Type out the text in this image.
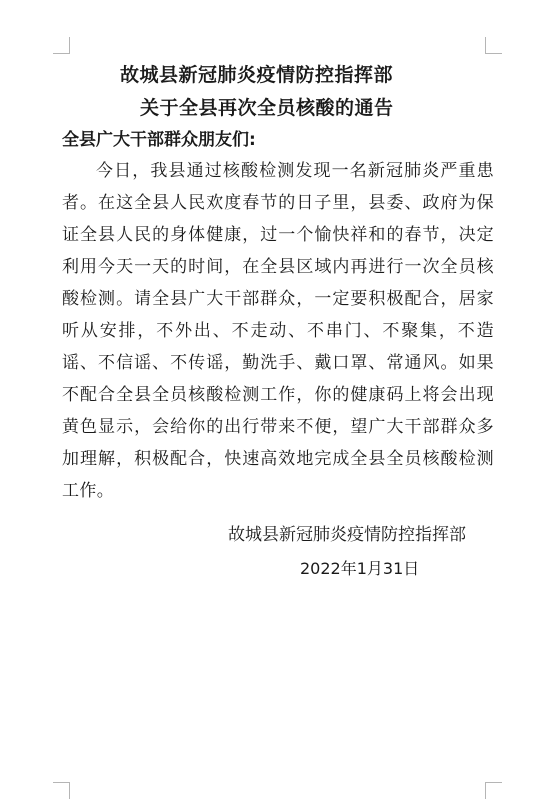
故城县新冠肺炎疫情防控指挥部
关于全县再次全员核酸的通告
全县广大干部群众朋友们:

今日，我县通过核酸检测发现一名新冠肺炎严重患者。在这全县人民欢度春节的日子里，县委、政府为保证全县人民的身体健康，过一个愉快祥和的春节，决定利用今天一天的时间，在全县区域内再进行一次全员核酸检测。请全县广大干部群众，一定要积极配合，居家听从安排，不外出、不走动、不串门、不聚集，不造谣、不信谣、不传谣，勤洗手、戴口罩、常通风。如果不配合全县全员核酸检测工作，你的健康码上将会出现黄色显示，会给你的出行带来不便，望广大干部群众多加理解，积极配合，快速高效地完成全县全员核酸检测工作。

故城县新冠肺炎疫情防控指挥部
2022年1月31日
